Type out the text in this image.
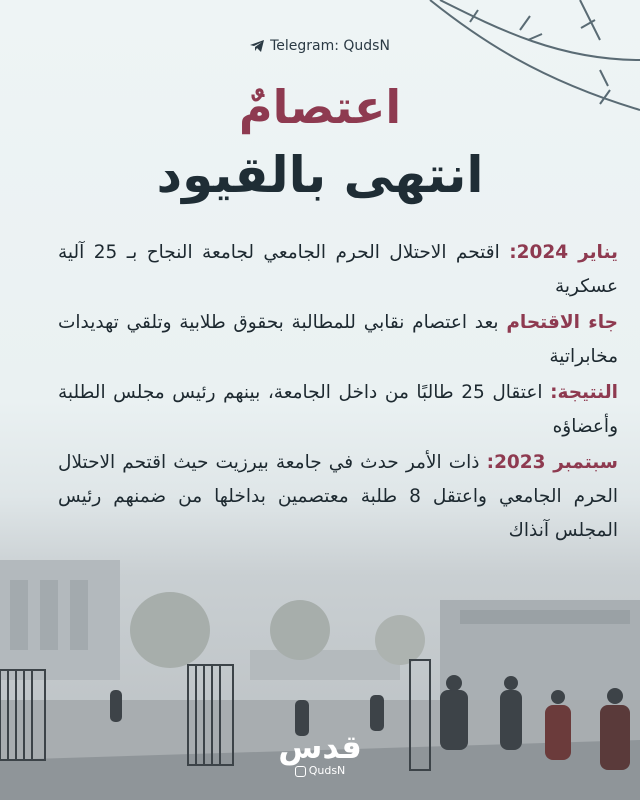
Telegram: QudsN
اعتصامٌ
انتهى بالقيود

يناير 2024: اقتحم الاحتلال الحرم الجامعي لجامعة النجاح بـ 25 آلية عسكرية

جاء الاقتحام بعد اعتصام نقابي للمطالبة بحقوق طلابية وتلقي تهديدات مخابراتية

النتيجة: اعتقال 25 طالبًا من داخل الجامعة، بينهم رئيس مجلس الطلبة وأعضاؤه

سبتمبر 2023: ذات الأمر حدث في جامعة بيرزيت حيث اقتحم الاحتلال الحرم الجامعي واعتقل 8 طلبة معتصمين بداخلها من ضمنهم رئيس المجلس آنذاك

قدس
QudsN
